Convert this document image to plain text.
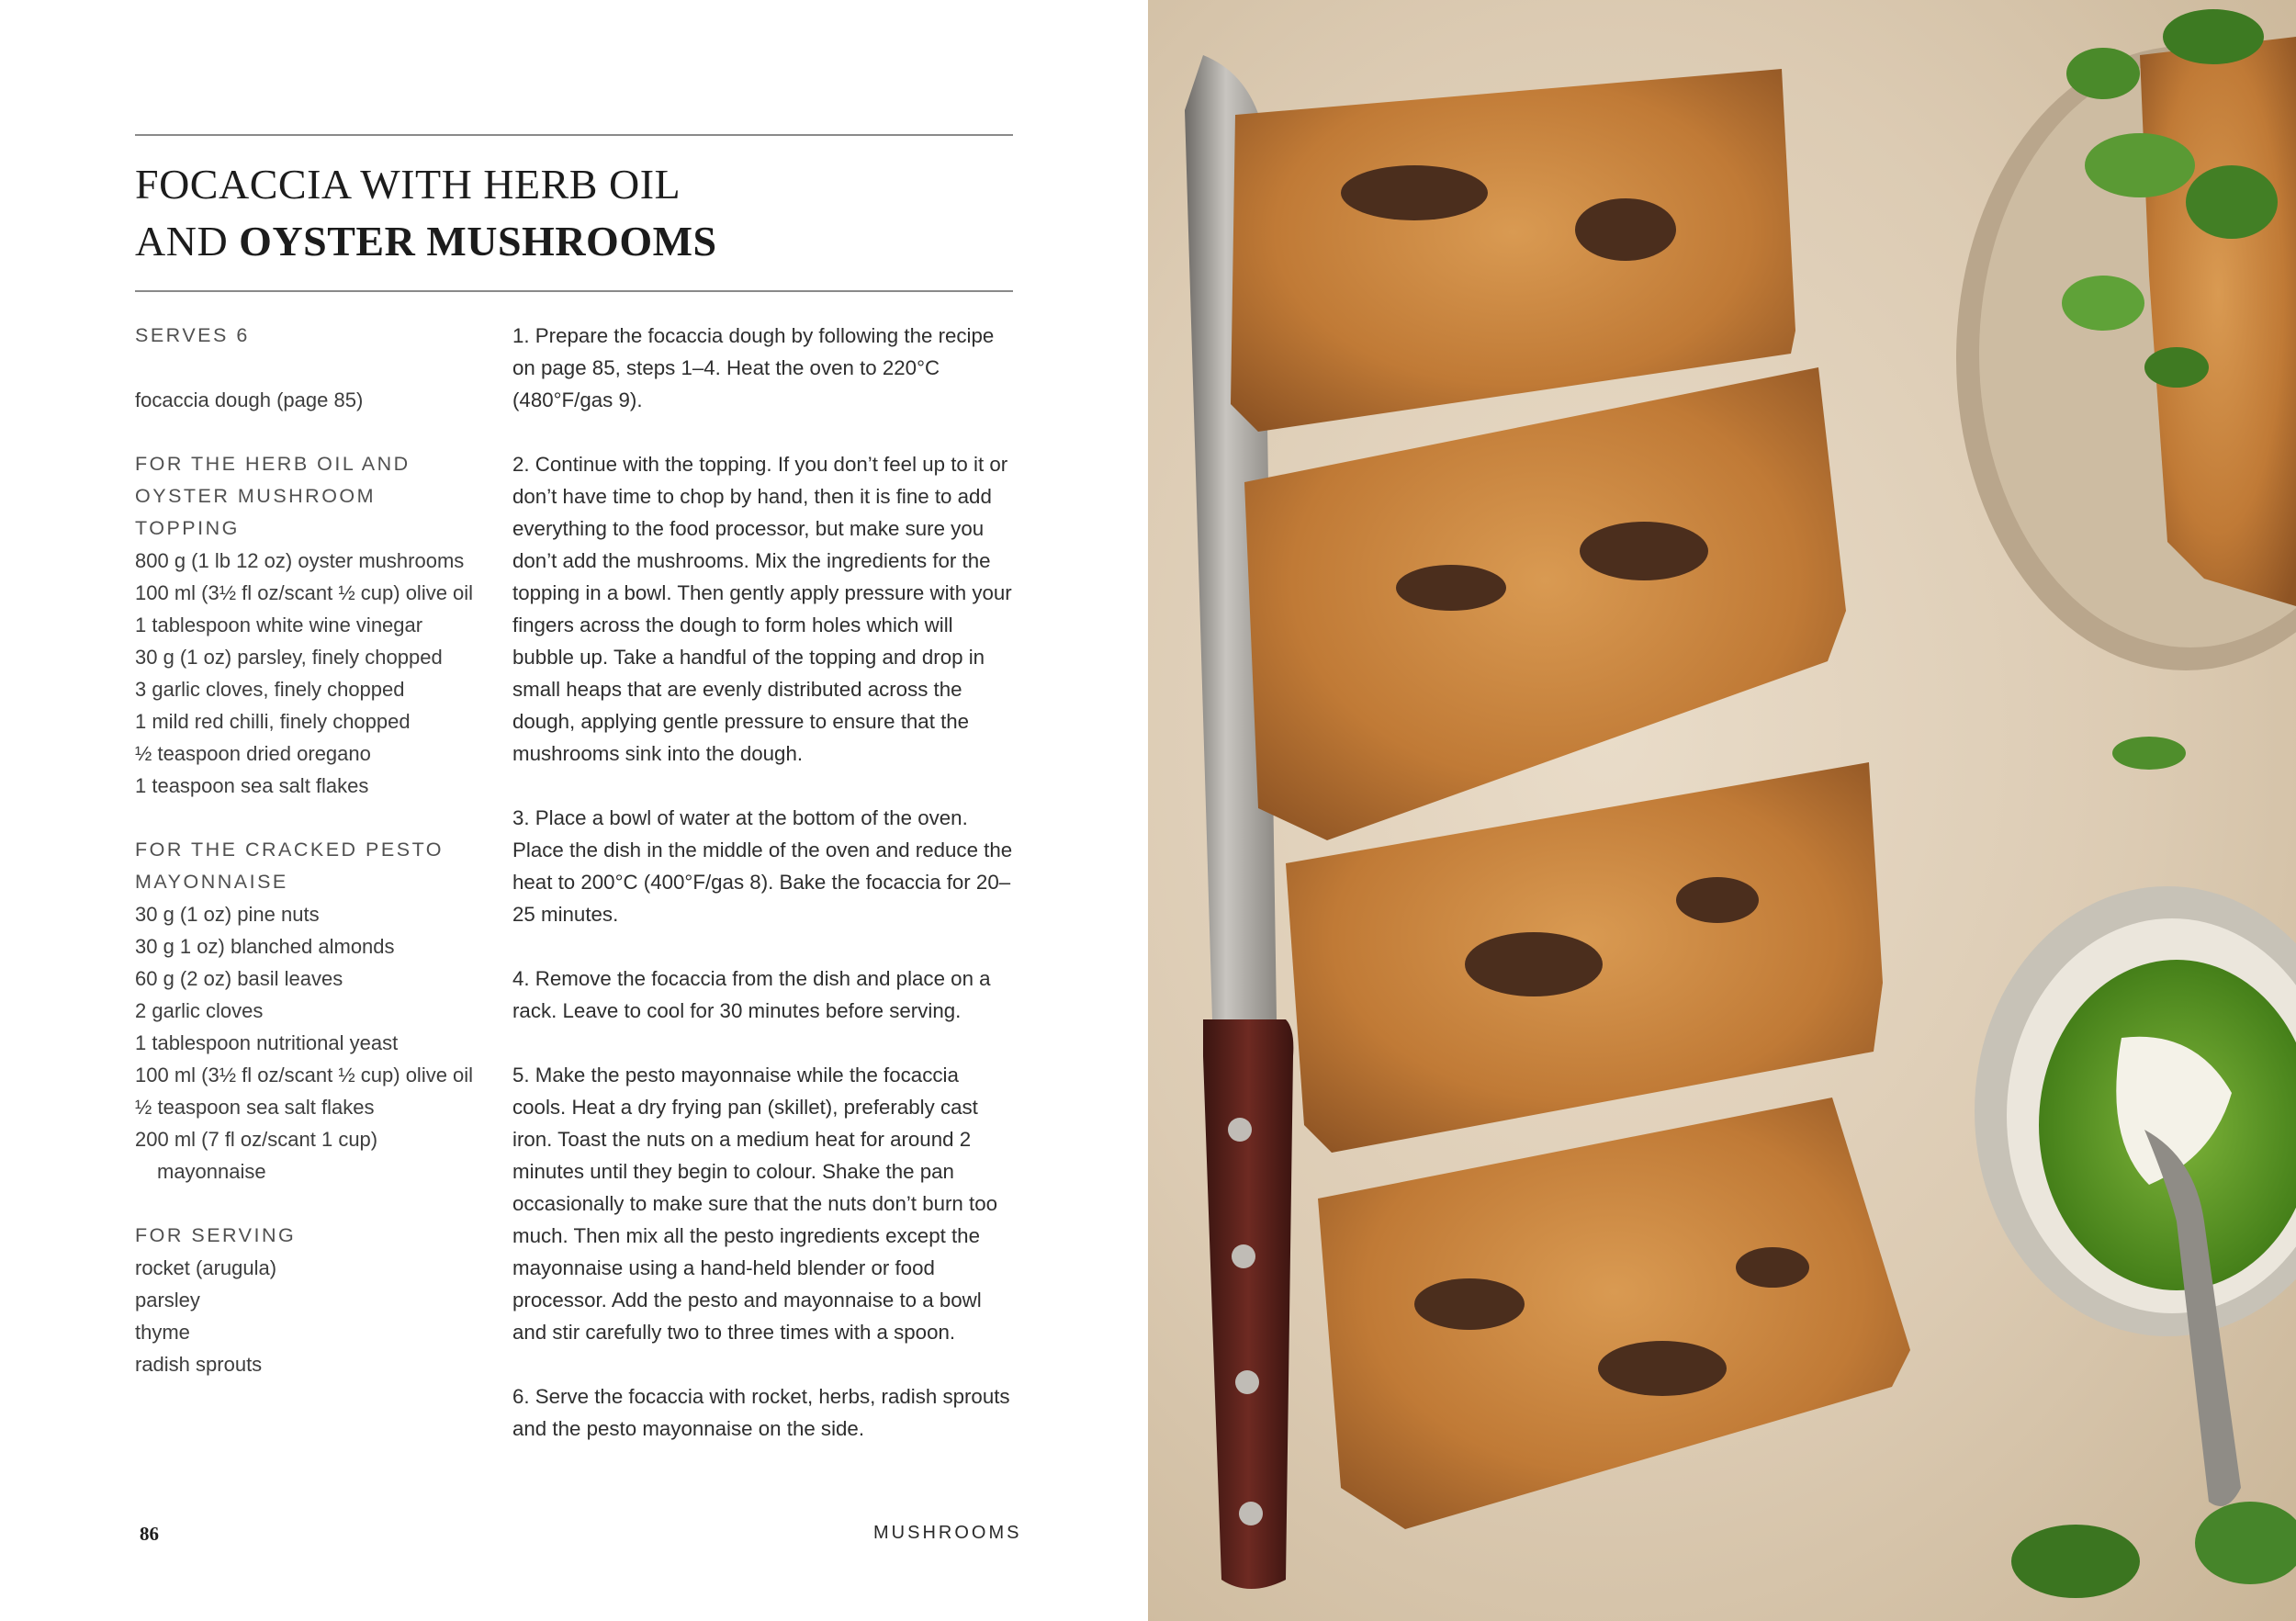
FOCACCIA WITH HERB OIL
AND OYSTER MUSHROOMS
SERVES 6
focaccia dough (page 85)
FOR THE HERB OIL AND
OYSTER MUSHROOM TOPPING
800 g (1 lb 12 oz) oyster mushrooms
100 ml (3½ fl oz/scant ½ cup) olive oil
1 tablespoon white wine vinegar
30 g (1 oz) parsley, finely chopped
3 garlic cloves, finely chopped
1 mild red chilli, finely chopped
½ teaspoon dried oregano
1 teaspoon sea salt flakes
FOR THE CRACKED PESTO
MAYONNAISE
30 g (1 oz) pine nuts
30 g 1 oz) blanched almonds
60 g (2 oz) basil leaves
2 garlic cloves
1 tablespoon nutritional yeast
100 ml (3½ fl oz/scant ½ cup) olive oil
½ teaspoon sea salt flakes
200 ml (7 fl oz/scant 1 cup) mayonnaise
FOR SERVING
rocket (arugula)
parsley
thyme
radish sprouts
1. Prepare the focaccia dough by following the recipe on page 85, steps 1–4. Heat the oven to 220°C (480°F/gas 9).
2. Continue with the topping. If you don’t feel up to it or don’t have time to chop by hand, then it is fine to add everything to the food processor, but make sure you don’t add the mushrooms. Mix the ingredients for the topping in a bowl. Then gently apply pressure with your fingers across the dough to form holes which will bubble up. Take a handful of the topping and drop in small heaps that are evenly distributed across the dough, applying gentle pressure to ensure that the mushrooms sink into the dough.
3. Place a bowl of water at the bottom of the oven. Place the dish in the middle of the oven and reduce the heat to 200°C (400°F/gas 8). Bake the focaccia for 20–25 minutes.
4. Remove the focaccia from the dish and place on a rack. Leave to cool for 30 minutes before serving.
5. Make the pesto mayonnaise while the focaccia cools. Heat a dry frying pan (skillet), preferably cast iron. Toast the nuts on a medium heat for around 2 minutes until they begin to colour. Shake the pan occasionally to make sure that the nuts don’t burn too much. Then mix all the pesto ingredients except the mayonnaise using a hand-held blender or food processor. Add the pesto and mayonnaise to a bowl and stir carefully two to three times with a spoon.
6. Serve the focaccia with rocket, herbs, radish sprouts and the pesto mayonnaise on the side.
86	MUSHROOMS
